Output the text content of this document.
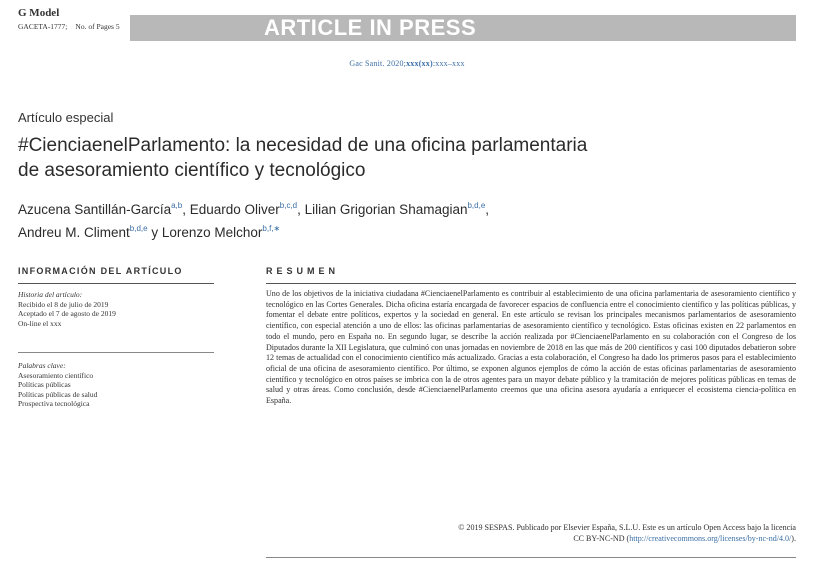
G Model
GACETA-1777; No. of Pages 5	ARTICLE IN PRESS
Gac Sanit. 2020;xxx(xx):xxx–xxx
Artículo especial
#CienciaenelParlamento: la necesidad de una oficina parlamentaria
de asesoramiento científico y tecnológico
Azucena Santillán-García$^{a,b}$, Eduardo Oliver$^{b,c,d}$, Lilian Grigorian Shamagian$^{b,d,e}$,
Andreu M. Climent$^{b,d,e}$ y Lorenzo Melchor$^{b,f,∗}$
INFORMACIÓN DEL ARTÍCULO	RESUMEN
Historia del artículo:
Recibido el 8 de julio de 2019
Aceptado el 7 de agosto de 2019
On-line el xxx
Palabras clave:
Asesoramiento científico
Políticas públicas
Políticas públicas de salud
Prospectiva tecnológica
Uno de los objetivos de la iniciativa ciudadana #CienciaenelParlamento es contribuir al establecimiento de una oficina parlamentaria de asesoramiento científico y tecnológico en las Cortes Generales. Dicha oficina estaría encargada de favorecer espacios de confluencia entre el conocimiento científico y las políticas públicas, y fomentar el debate entre políticos, expertos y la sociedad en general. En este artículo se revisan los principales mecanismos parlamentarios de asesoramiento científico, con especial atención a uno de ellos: las oficinas parlamentarias de asesoramiento científico y tecnológico. Estas oficinas existen en 22 parlamentos en todo el mundo, pero en España no. En segundo lugar, se describe la acción realizada por #CienciaenelParlamento en su colaboración con el Congreso de los Diputados durante la XII Legislatura, que culminó con unas jornadas en noviembre de 2018 en las que más de 200 científicos y casi 100 diputados debatieron sobre 12 temas de actualidad con el conocimiento científico más actualizado. Gracias a esta colaboración, el Congreso ha dado los primeros pasos para el establecimiento oficial de una oficina de asesoramiento científico. Por último, se exponen algunos ejemplos de cómo la acción de estas oficinas parlamentarias de asesoramiento científico y tecnológico en otros países se imbrica con la de otros agentes para un mayor debate público y la tramitación de mejores políticas públicas en temas de salud y otras áreas. Como conclusión, desde #CienciaenelParlamento creemos que una oficina asesora ayudaría a enriquecer el ecosistema ciencia-política en España.
© 2019 SESPAS. Publicado por Elsevier España, S.L.U. Este es un artículo Open Access bajo la licencia
CC BY-NC-ND (http://creativecommons.org/licenses/by-nc-nd/4.0/).
